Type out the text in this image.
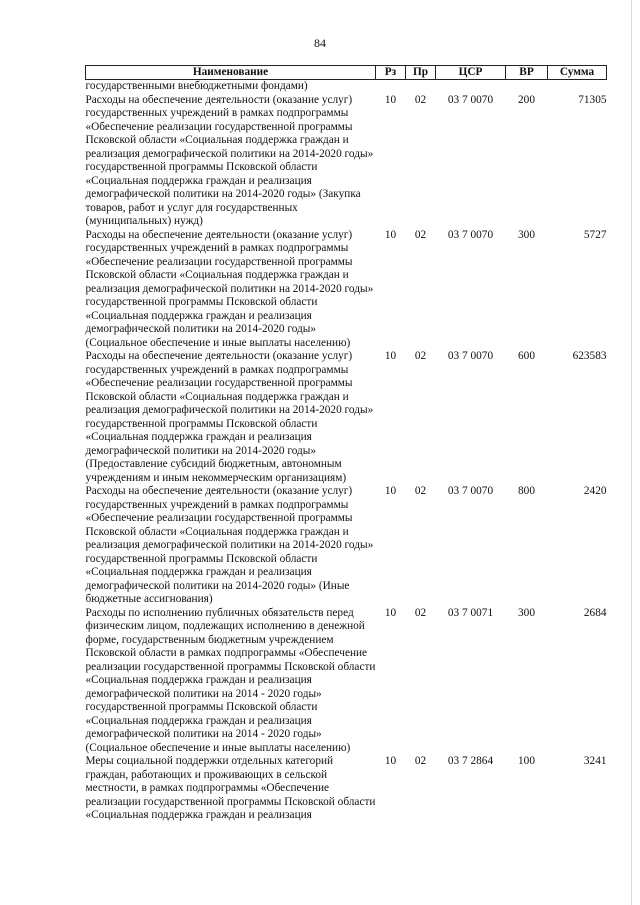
84
Наименование	Рз	Пр	ЦСР	ВР	Сумма
государственными внебюджетными фондами)					
Расходы на обеспечение деятельности (оказание услуг) государственных учреждений в рамках подпрограммы «Обеспечение реализации государственной программы Псковской области «Социальная поддержка граждан и реализация демографической политики на 2014-2020 годы» государственной программы Псковской области «Социальная поддержка граждан и реализация демографической политики на 2014-2020 годы» (Закупка товаров, работ и услуг для государственных (муниципальных) нужд)	10	02	03 7 0070	200	71305
Расходы на обеспечение деятельности (оказание услуг) государственных учреждений в рамках подпрограммы «Обеспечение реализации государственной программы Псковской области «Социальная поддержка граждан и реализация демографической политики на 2014-2020 годы» государственной программы Псковской области «Социальная поддержка граждан и реализация демографической политики на 2014-2020 годы» (Социальное обеспечение и иные выплаты населению)	10	02	03 7 0070	300	5727
Расходы на обеспечение деятельности (оказание услуг) государственных учреждений в рамках подпрограммы «Обеспечение реализации государственной программы Псковской области «Социальная поддержка граждан и реализация демографической политики на 2014-2020 годы» государственной программы Псковской области «Социальная поддержка граждан и реализация демографической политики на 2014-2020 годы» (Предоставление субсидий бюджетным, автономным учреждениям и иным некоммерческим организациям)	10	02	03 7 0070	600	623583
Расходы на обеспечение деятельности (оказание услуг) государственных учреждений в рамках подпрограммы «Обеспечение реализации государственной программы Псковской области «Социальная поддержка граждан и реализация демографической политики на 2014-2020 годы» государственной программы Псковской области «Социальная поддержка граждан и реализация демографической политики на 2014-2020 годы» (Иные бюджетные ассигнования)	10	02	03 7 0070	800	2420
Расходы по исполнению публичных обязательств перед физическим лицом, подлежащих исполнению в денежной форме, государственным бюджетным учреждением Псковской области в рамках подпрограммы «Обеспечение реализации государственной программы Псковской области «Социальная поддержка граждан и реализация демографической политики на 2014 - 2020 годы» государственной программы Псковской области «Социальная поддержка граждан и реализация демографической политики на 2014 - 2020 годы» (Социальное обеспечение и иные выплаты населению)	10	02	03 7 0071	300	2684
Меры социальной поддержки отдельных категорий граждан, работающих и проживающих в сельской местности, в рамках подпрограммы «Обеспечение реализации государственной программы Псковской области «Социальная поддержка граждан и реализация	10	02	03 7 2864	100	3241
